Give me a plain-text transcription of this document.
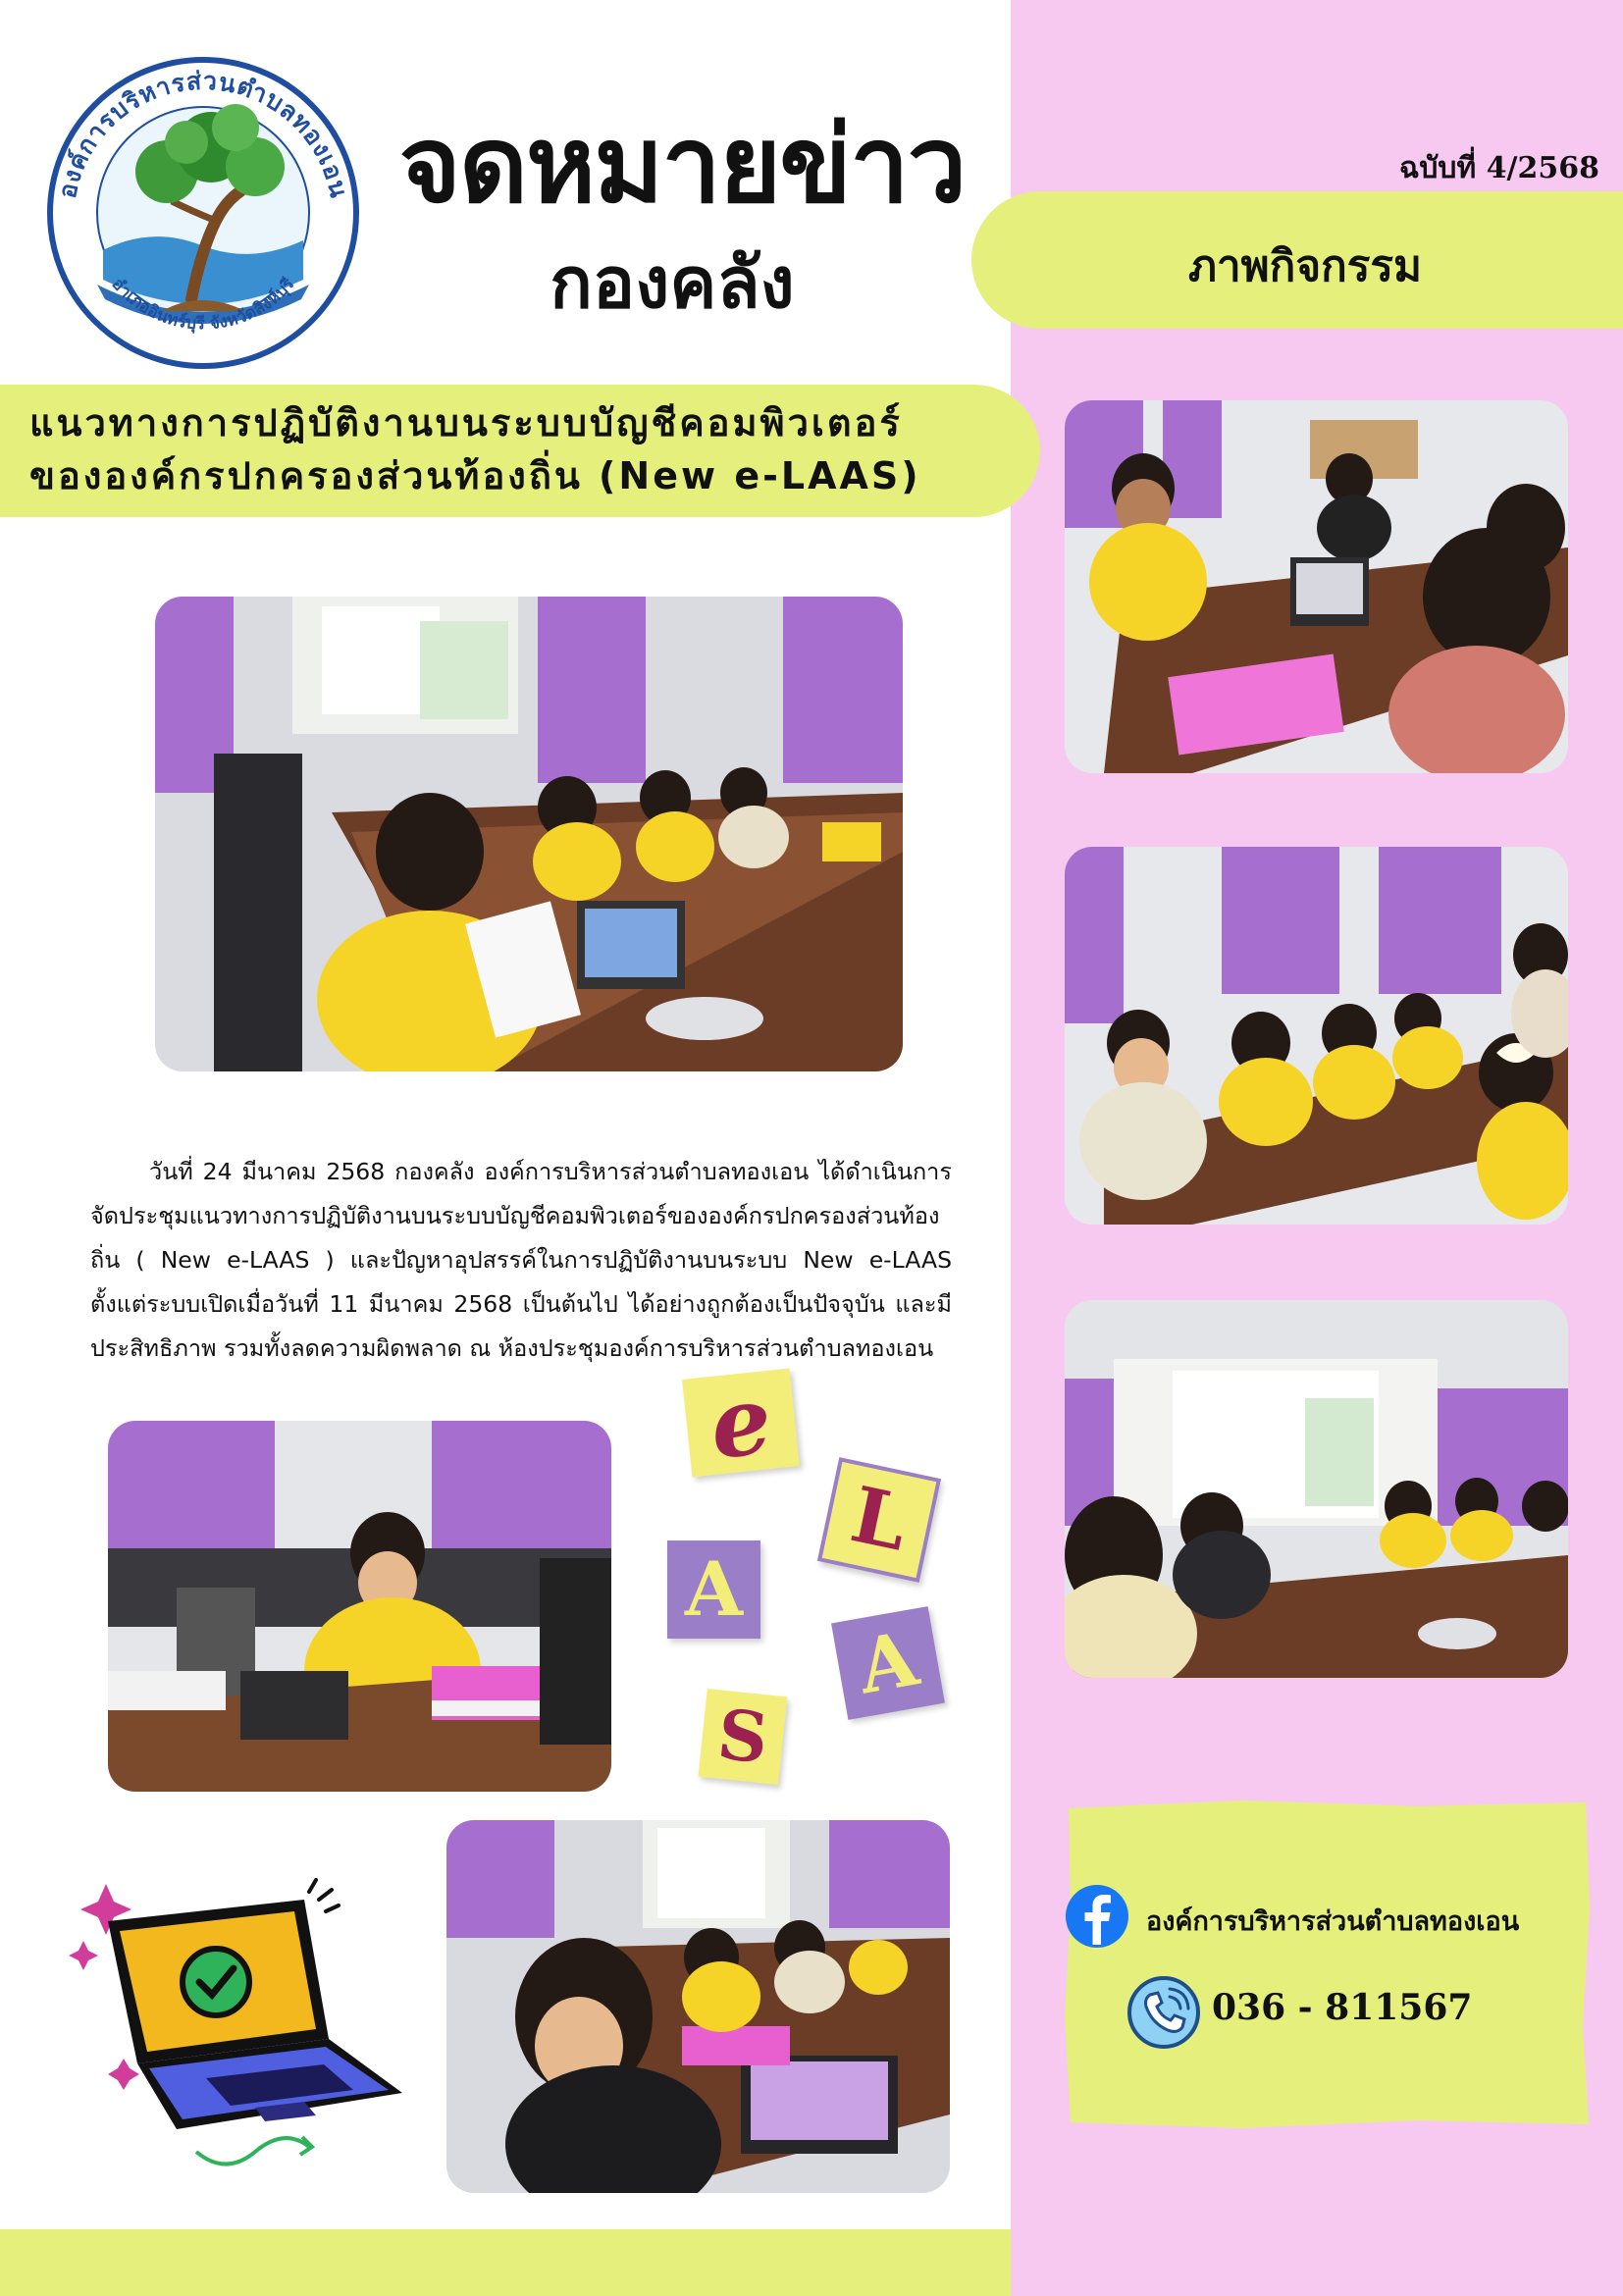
องค์การบริหารส่วนตำบลทองเอน
อำเภออินทร์บุรี จังหวัดสิงห์บุรี
จดหมายข่าว
กองคลัง
ฉบับที่ 4/2568
ภาพกิจกรรม
แนวทางการปฏิบัติงานบนระบบบัญชีคอมพิวเตอร์
ขององค์กรปกครองส่วนท้องถิ่น (New e-LAAS)
วันที่ 24 มีนาคม 2568 กองคลัง องค์การบริหารส่วนตำบลทองเอน ได้ดำเนินการจัดประชุมแนวทางการปฏิบัติงานบนระบบบัญชีคอมพิวเตอร์ขององค์กรปกครองส่วนท้องถิ่น ( New e-LAAS ) และปัญหาอุปสรรค์ในการปฏิบัติงานบนระบบ New e-LAAS ตั้งแต่ระบบเปิดเมื่อวันที่ 11 มีนาคม 2568 เป็นต้นไป ได้อย่างถูกต้องเป็นปัจจุบัน และมีประสิทธิภาพ รวมทั้งลดความผิดพลาด ณ ห้องประชุมองค์การบริหารส่วนตำบลทองเอน
e
L
A
A
S
องค์การบริหารส่วนตำบลทองเอน
036 - 811567
